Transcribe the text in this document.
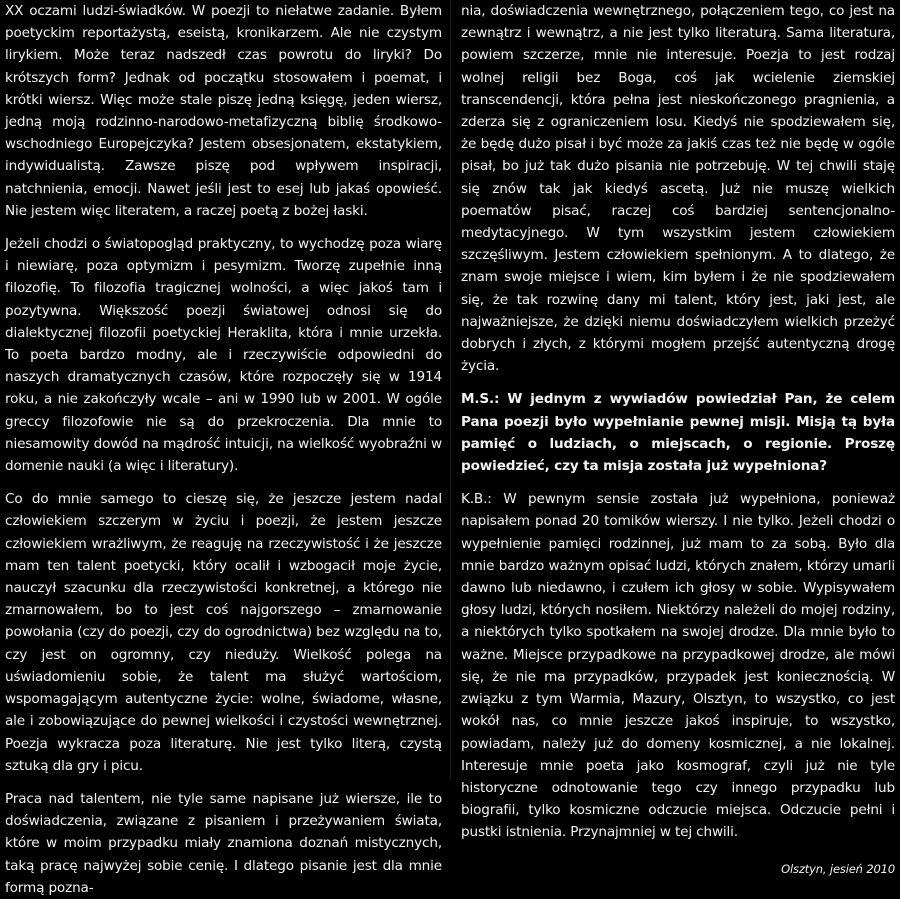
XX oczami ludzi-świadków. W poezji to niełatwe zadanie. Byłem poetyckim reportażystą, eseistą, kronikarzem. Ale nie czystym lirykiem. Może teraz nadszedł czas powrotu do liryki? Do krótszych form? Jednak od początku stosowałem i poemat, i krótki wiersz. Więc może stale piszę jedną księgę, jeden wiersz, jedną moją rodzinno-narodowo-metafizyczną biblię środkowo-wschodniego Europejczyka? Jestem obsesjonatem, ekstatykiem, indywidualistą. Zawsze piszę pod wpływem inspiracji, natchnienia, emocji. Nawet jeśli jest to esej lub jakaś opowieść. Nie jestem więc literatem, a raczej poetą z bożej łaski.

Jeżeli chodzi o światopogląd praktyczny, to wychodzę poza wiarę i niewiarę, poza optymizm i pesymizm. Tworzę zupełnie inną filozofię. To filozofia tragicznej wolności, a więc jakoś tam i pozytywna. Większość poezji światowej odnosi się do dialektycznej filozofii poetyckiej Heraklita, która i mnie urzekła. To poeta bardzo modny, ale i rzeczywiście odpowiedni do naszych dramatycznych czasów, które rozpoczęły się w 1914 roku, a nie zakończyły wcale – ani w 1990 lub w 2001. W ogóle greccy filozofowie nie są do przekroczenia. Dla mnie to niesamowity dowód na mądrość intuicji, na wielkość wyobraźni w domenie nauki (a więc i literatury).

Co do mnie samego to cieszę się, że jeszcze jestem nadal człowiekiem szczerym w życiu i poezji, że jestem jeszcze człowiekiem wrażliwym, że reaguję na rzeczywistość i że jeszcze mam ten talent poetycki, który ocalił i wzbogacił moje życie, nauczył szacunku dla rzeczywistości konkretnej, a którego nie zmarnowałem, bo to jest coś najgorszego – zmarnowanie powołania (czy do poezji, czy do ogrodnictwa) bez względu na to, czy jest on ogromny, czy nieduży. Wielkość polega na uświadomieniu sobie, że talent ma służyć wartościom, wspomagającym autentyczne życie: wolne, świadome, własne, ale i zobowiązujące do pewnej wielkości i czystości wewnętrznej. Poezja wykracza poza literaturę. Nie jest tylko literą, czystą sztuką dla gry i picu.

Praca nad talentem, nie tyle same napisane już wiersze, ile to doświadczenia, związane z pisaniem i przeżywaniem świata, które w moim przypadku miały znamiona doznań mistycznych, taką pracę najwyżej sobie cenię. I dlatego pisanie jest dla mnie formą pozna-

nia, doświadczenia wewnętrznego, połączeniem tego, co jest na zewnątrz i wewnątrz, a nie jest tylko literaturą. Sama literatura, powiem szczerze, mnie nie interesuje. Poezja to jest rodzaj wolnej religii bez Boga, coś jak wcielenie ziemskiej transcendencji, która pełna jest nieskończonego pragnienia, a zderza się z ograniczeniem losu. Kiedyś nie spodziewałem się, że będę dużo pisał i być może za jakiś czas też nie będę w ogóle pisał, bo już tak dużo pisania nie potrzebuję. W tej chwili staję się znów tak jak kiedyś ascetą. Już nie muszę wielkich poematów pisać, raczej coś bardziej sentencjonalno-medytacyjnego. W tym wszystkim jestem człowiekiem szczęśliwym. Jestem człowiekiem spełnionym. A to dlatego, że znam swoje miejsce i wiem, kim byłem i że nie spodziewałem się, że tak rozwinę dany mi talent, który jest, jaki jest, ale najważniejsze, że dzięki niemu doświadczyłem wielkich przeżyć dobrych i złych, z którymi mogłem przejść autentyczną drogę życia.

M.S.: W jednym z wywiadów powiedział Pan, że celem Pana poezji było wypełnianie pewnej misji. Misją tą była pamięć o ludziach, o miejscach, o regionie. Proszę powiedzieć, czy ta misja została już wypełniona?

K.B.: W pewnym sensie została już wypełniona, ponieważ napisałem ponad 20 tomików wierszy. I nie tylko. Jeżeli chodzi o wypełnienie pamięci rodzinnej, już mam to za sobą. Było dla mnie bardzo ważnym opisać ludzi, których znałem, którzy umarli dawno lub niedawno, i czułem ich głosy w sobie. Wypisywałem głosy ludzi, których nosiłem. Niektórzy należeli do mojej rodziny, a niektórych tylko spotkałem na swojej drodze. Dla mnie było to ważne. Miejsce przypadkowe na przypadkowej drodze, ale mówi się, że nie ma przypadków, przypadek jest koniecznością. W związku z tym Warmia, Mazury, Olsztyn, to wszystko, co jest wokół nas, co mnie jeszcze jakoś inspiruje, to wszystko, powiadam, należy już do domeny kosmicznej, a nie lokalnej. Interesuje mnie poeta jako kosmograf, czyli już nie tyle historyczne odnotowanie tego czy innego przypadku lub biografii, tylko kosmiczne odczucie miejsca. Odczucie pełni i pustki istnienia. Przynajmniej w tej chwili.

Olsztyn, jesień 2010
